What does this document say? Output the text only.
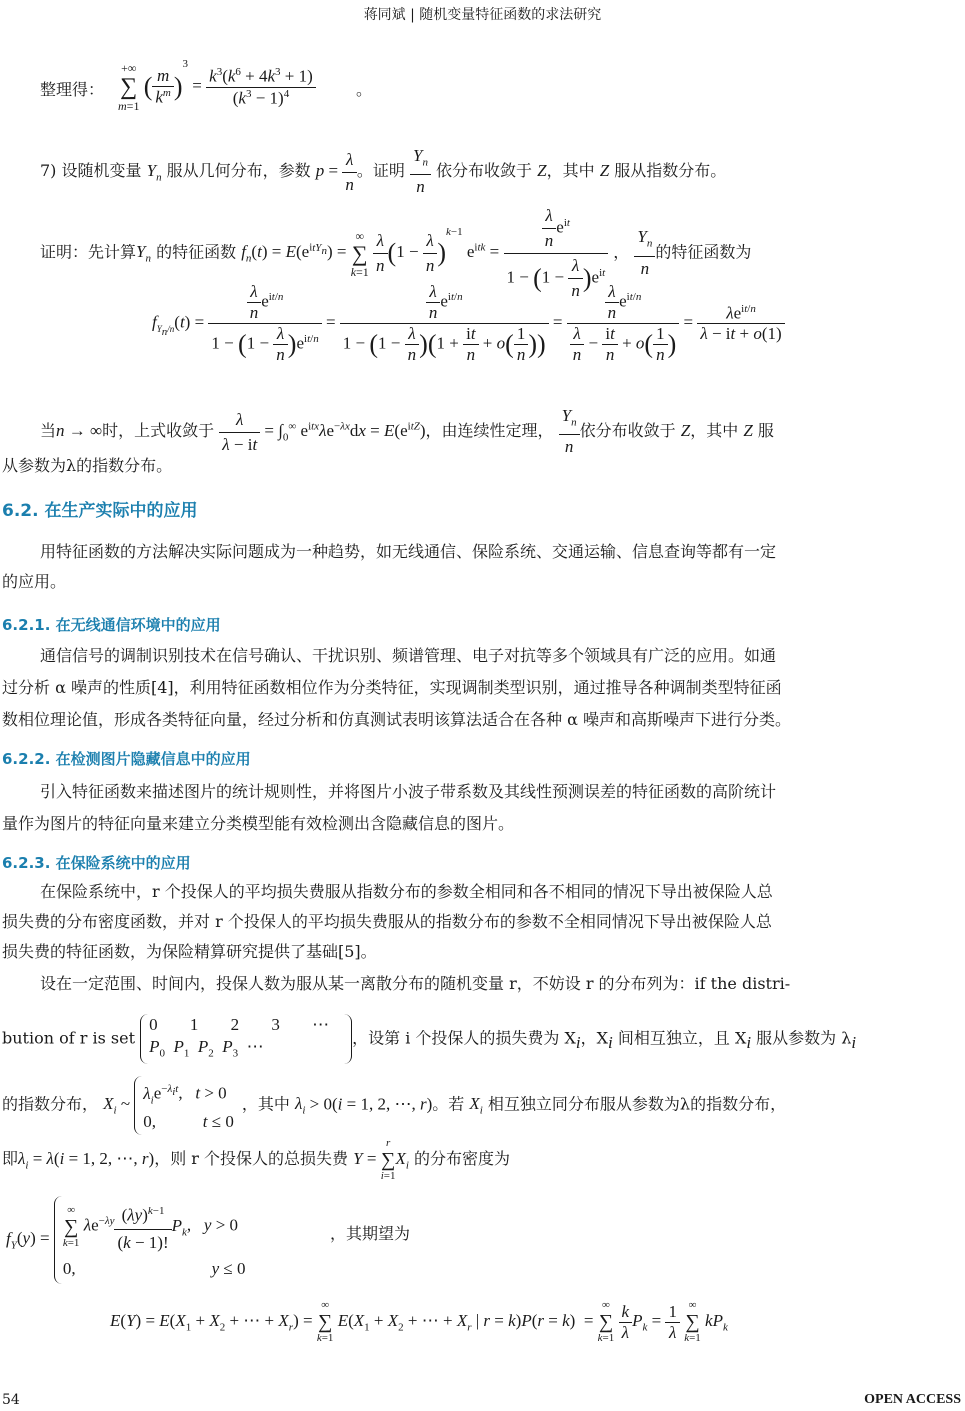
蒋同斌 | 随机变量特征函数的求法研究
整理得：
+∞
∑
m=1 ( $\frac{m}{k^m} )^3 = \frac{k^3(k^6 + 4k^3 + 1)}{(k^3 - 1)^4}$	。
7) 设随机变量 $Y_n$ 服从几何分布，参数 $p = \frac{\lambda}{n}$ 。证明 $\frac{Y_n}{n}$ 依分布收敛于 Z，其中 Z 服从指数分布。
证明：先计算$Y_n$ 的特征函数 $f_n(t) = E(e^{itY_n})$ = ∞
∑
$k=1 \frac{\lambda}{n} (1 - \frac{\lambda}{n} )^{k-1}$ $e^{itk} = \frac{\frac{\lambda}{n} e^{it}}{1 - (1 - \frac{\lambda}{n} )e^{it}}$ ， $\frac{Y_n}{n}$ 的特征函数为
$f_{Y_n/n}(t) = \frac{\frac{\lambda}{n} e^{it/n}}{1 - (1 - \frac{\lambda}{n} )e^{it/n}} = \frac{\frac{\lambda}{n} e^{it/n}}{1 - (1 - \frac{\lambda}{n} )(1 + \frac{it}{n} + o( \frac{1}{n} ))} = \frac{\frac{\lambda}{n} e^{it/n}}{\frac{\lambda}{n} - \frac{it}{n} + o( \frac{1}{n} )} = \frac{\lambda e^{it/n}}{\lambda - it + o(1)}$
当n → ∞时，上式收敛于 $\frac{\lambda}{\lambda - it} = \int_0^\infty$ $e^{itx}\lambda e^{-\lambda x}dx = E(e^{itZ})$，由连续性定理， $\frac{Y_n}{n}$ 依分布收敛于 Z，其中 Z 服
从参数为λ的指数分布。
6.2. 在生产实际中的应用
用特征函数的方法解决实际问题成为一种趋势，如无线通信、保险系统、交通运输、信息查询等都有一定
的应用。
6.2.1. 在无线通信环境中的应用
通信信号的调制识别技术在信号确认、干扰识别、频谱管理、电子对抗等多个领域具有广泛的应用。如通
过分析 α 噪声的性质[4]，利用特征函数相位作为分类特征，实现调制类型识别，通过推导各种调制类型特征函
数相位理论值，形成各类特征向量，经过分析和仿真测试表明该算法适合在各种 α 噪声和高斯噪声下进行分类。
6.2.2. 在检测图片隐藏信息中的应用
引入特征函数来描述图片的统计规则性，并将图片小波子带系数及其线性预测误差的特征函数的高阶统计
量作为图片的特征向量来建立分类模型能有效检测出含隐藏信息的图片。
6.2.3. 在保险系统中的应用
在保险系统中，r 个投保人的平均损失费服从指数分布的参数全相同和各不相同的情况下导出被保险人总
损失费的分布密度函数，并对 r 个投保人的平均损失费服从的指数分布的参数不全相同情况下导出被保险人总
损失费的特征函数，为保险精算研究提供了基础[5]。
设在一定范围、时间内，投保人数为服从某一离散分布的随机变量 r，不妨设 r 的分布列为：if the distri-
bution of r is set 0 1 2 3 ⋯
$P_0$ $P_1$ $P_2$ $P_3$  ⋯	，设第 i 个投保人的损失费为 $X_i$，$X_i$ 间相互独立，且 $X_i$ 服从参数为 $\lambda_i$
的指数分布， $X_i$ ~ $\lambda_ie^{-\lambda_it}$,   t > 0
0,           t ≤ 0，其中 $\lambda_i > 0(i = 1$, 2, ⋯, r)。若 $X_i$ 相互独立同分布服从参数为λ的指数分布，
即$\lambda_i = \lambda(i = 1$, 2, ⋯, r)，则 r 个投保人的总损失费 Y = r
∑
$i=1X_i$ 的分布密度为
$f_Y(y)$ = ∞
∑
k=1 $\lambda e^{-\lambda y} \frac{(\lambda y)^{k-1}}{(k - 1)!} P_k$,   y > 0
0,                                y ≤ 0
，其期望为
$E(Y) = E(X_1 + X_2$ + ⋯ + $X_r$) = ∞
∑
k=1 $E(X_1 + X_2$ + ⋯ + $X_r$ | r = k)P(r = k)  = ∞
∑
$k=1 \frac{k}{\lambda} P_k = \frac{1}{\lambda}$ ∞
∑
k=1 $kP_k$
54	OPEN ACCESS
